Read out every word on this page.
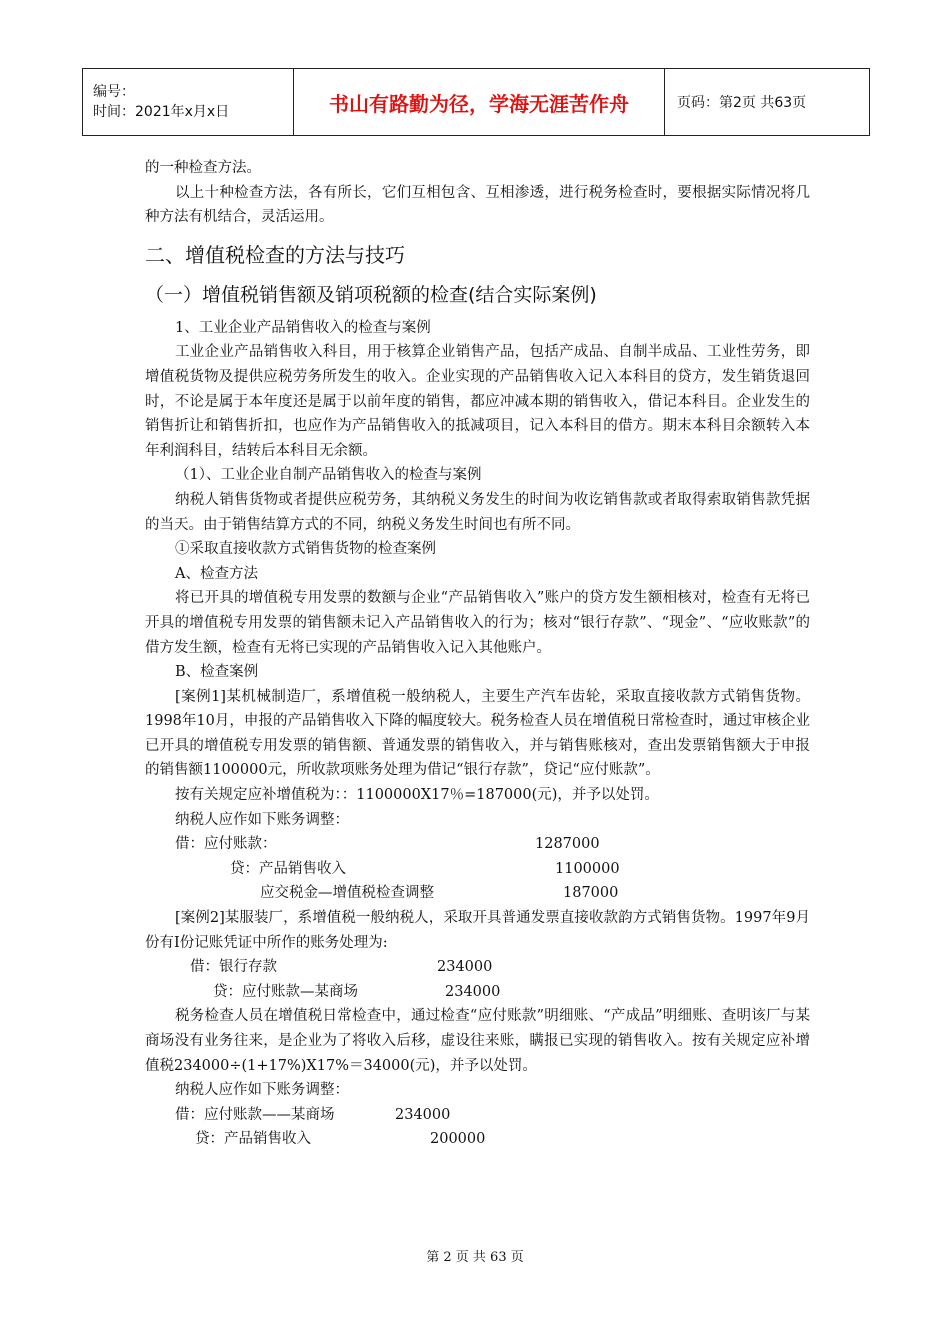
编号：
时间：2021年x月x日	书山有路勤为径，学海无涯苦作舟	页码：第2页 共63页

的一种检查方法。

以上十种检查方法，各有所长，它们互相包含、互相渗透，进行税务检查时，要根据实际情况将几种方法有机结合，灵活运用。

二、增值税检查的方法与技巧
（一）增值税销售额及销项税额的检查(结合实际案例)

1、工业企业产品销售收入的检查与案例

工业企业产品销售收入科目，用于核算企业销售产品，包括产成品、自制半成品、工业性劳务，即增值税货物及提供应税劳务所发生的收入。企业实现的产品销售收入记入本科目的贷方，发生销货退回时，不论是属于本年度还是属于以前年度的销售，都应冲减本期的销售收入，借记本科目。企业发生的销售折让和销售折扣，也应作为产品销售收入的抵减项目，记入本科目的借方。期末本科目余额转入本年利润科目，结转后本科目无余额。

（1）、工业企业自制产品销售收入的检查与案例

纳税人销售货物或者提供应税劳务，其纳税义务发生的时间为收讫销售款或者取得索取销售款凭据的当天。由于销售结算方式的不同，纳税义务发生时间也有所不同。

①采取直接收款方式销售货物的检查案例

A、检查方法

将已开具的增值税专用发票的数额与企业“产品销售收入”账户的贷方发生额相核对，检查有无将已开具的增值税专用发票的销售额未记入产品销售收入的行为；核对“银行存款”、“现金”、“应收账款”的借方发生额，检查有无将已实现的产品销售收入记入其他账户。

B、检查案例

[案例1]某机械制造厂，系增值税一般纳税人，主要生产汽车齿轮，采取直接收款方式销售货物。1998年10月，申报的产品销售收入下降的幅度较大。税务检查人员在增值税日常检查时，通过审核企业已开具的增值税专用发票的销售额、普通发票的销售收入，并与销售账核对，查出发票销售额大于申报的销售额1100000元，所收款项账务处理为借记“银行存款”，贷记“应付账款”。

按有关规定应补增值税为：：1100000X17％=187000(元)，并予以处罚。

纳税人应作如下账务调整：

借：应付账款：	1287000
贷：产品销售收入	1100000
应交税金—增值税检查调整	187000

[案例2]某服装厂，系增值税一般纳税人，采取开具普通发票直接收款韵方式销售货物。1997年9月份有Ⅰ份记账凭证中所作的账务处理为:

借：银行存款	234000
贷：应付账款—某商场	234000

税务检查人员在增值税日常检查中，通过检查“应付账款”明细账、“产成品”明细账、查明该厂与某商场没有业务往来，是企业为了将收入后移，虚设往来账，瞒报已实现的销售收入。按有关规定应补增值税234000÷(1+17%)X17%＝34000(元)，并予以处罚。

纳税人应作如下账务调整：

借：应付账款——某商场	234000
贷：产品销售收入	200000
第 2 页 共 63 页
